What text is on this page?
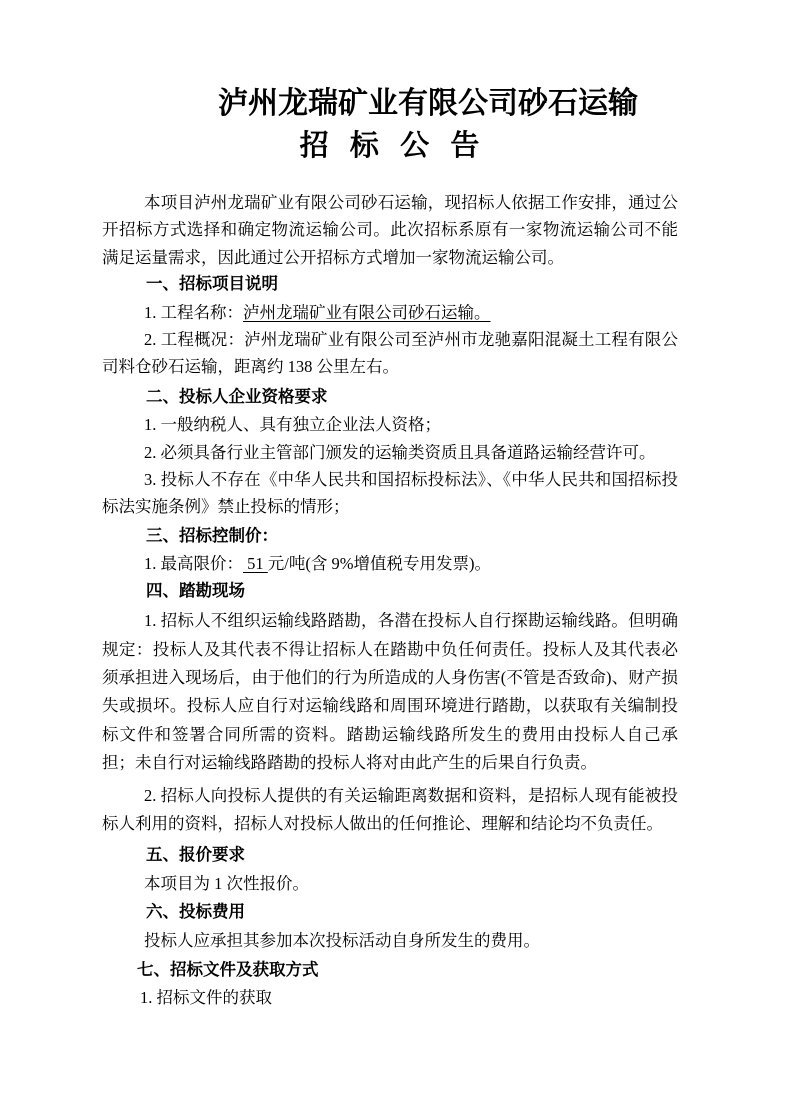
泸州龙瑞矿业有限公司砂石运输
招 标 公 告

本项目泸州龙瑞矿业有限公司砂石运输，现招标人依据工作安排，通过公开招标方式选择和确定物流运输公司。此次招标系原有一家物流运输公司不能满足运量需求，因此通过公开招标方式增加一家物流运输公司。

一、招标项目说明

1. 工程名称：泸州龙瑞矿业有限公司砂石运输。

2. 工程概况：泸州龙瑞矿业有限公司至泸州市龙驰嘉阳混凝土工程有限公司料仓砂石运输，距离约 138 公里左右。

二、投标人企业资格要求

1. 一般纳税人、具有独立企业法人资格；

2. 必须具备行业主管部门颁发的运输类资质且具备道路运输经营许可。

3. 投标人不存在《中华人民共和国招标投标法》、《中华人民共和国招标投标法实施条例》禁止投标的情形；

三、招标控制价：

1. 最高限价： 51 元/吨(含 9%增值税专用发票)。

四、踏勘现场

1. 招标人不组织运输线路踏勘，各潜在投标人自行探勘运输线路。但明确规定：投标人及其代表不得让招标人在踏勘中负任何责任。投标人及其代表必须承担进入现场后，由于他们的行为所造成的人身伤害(不管是否致命)、财产损失或损坏。投标人应自行对运输线路和周围环境进行踏勘，以获取有关编制投标文件和签署合同所需的资料。踏勘运输线路所发生的费用由投标人自己承担；未自行对运输线路踏勘的投标人将对由此产生的后果自行负责。

2. 招标人向投标人提供的有关运输距离数据和资料，是招标人现有能被投标人利用的资料，招标人对投标人做出的任何推论、理解和结论均不负责任。

五、报价要求

本项目为 1 次性报价。

六、投标费用

投标人应承担其参加本次投标活动自身所发生的费用。

七、招标文件及获取方式

1. 招标文件的获取
